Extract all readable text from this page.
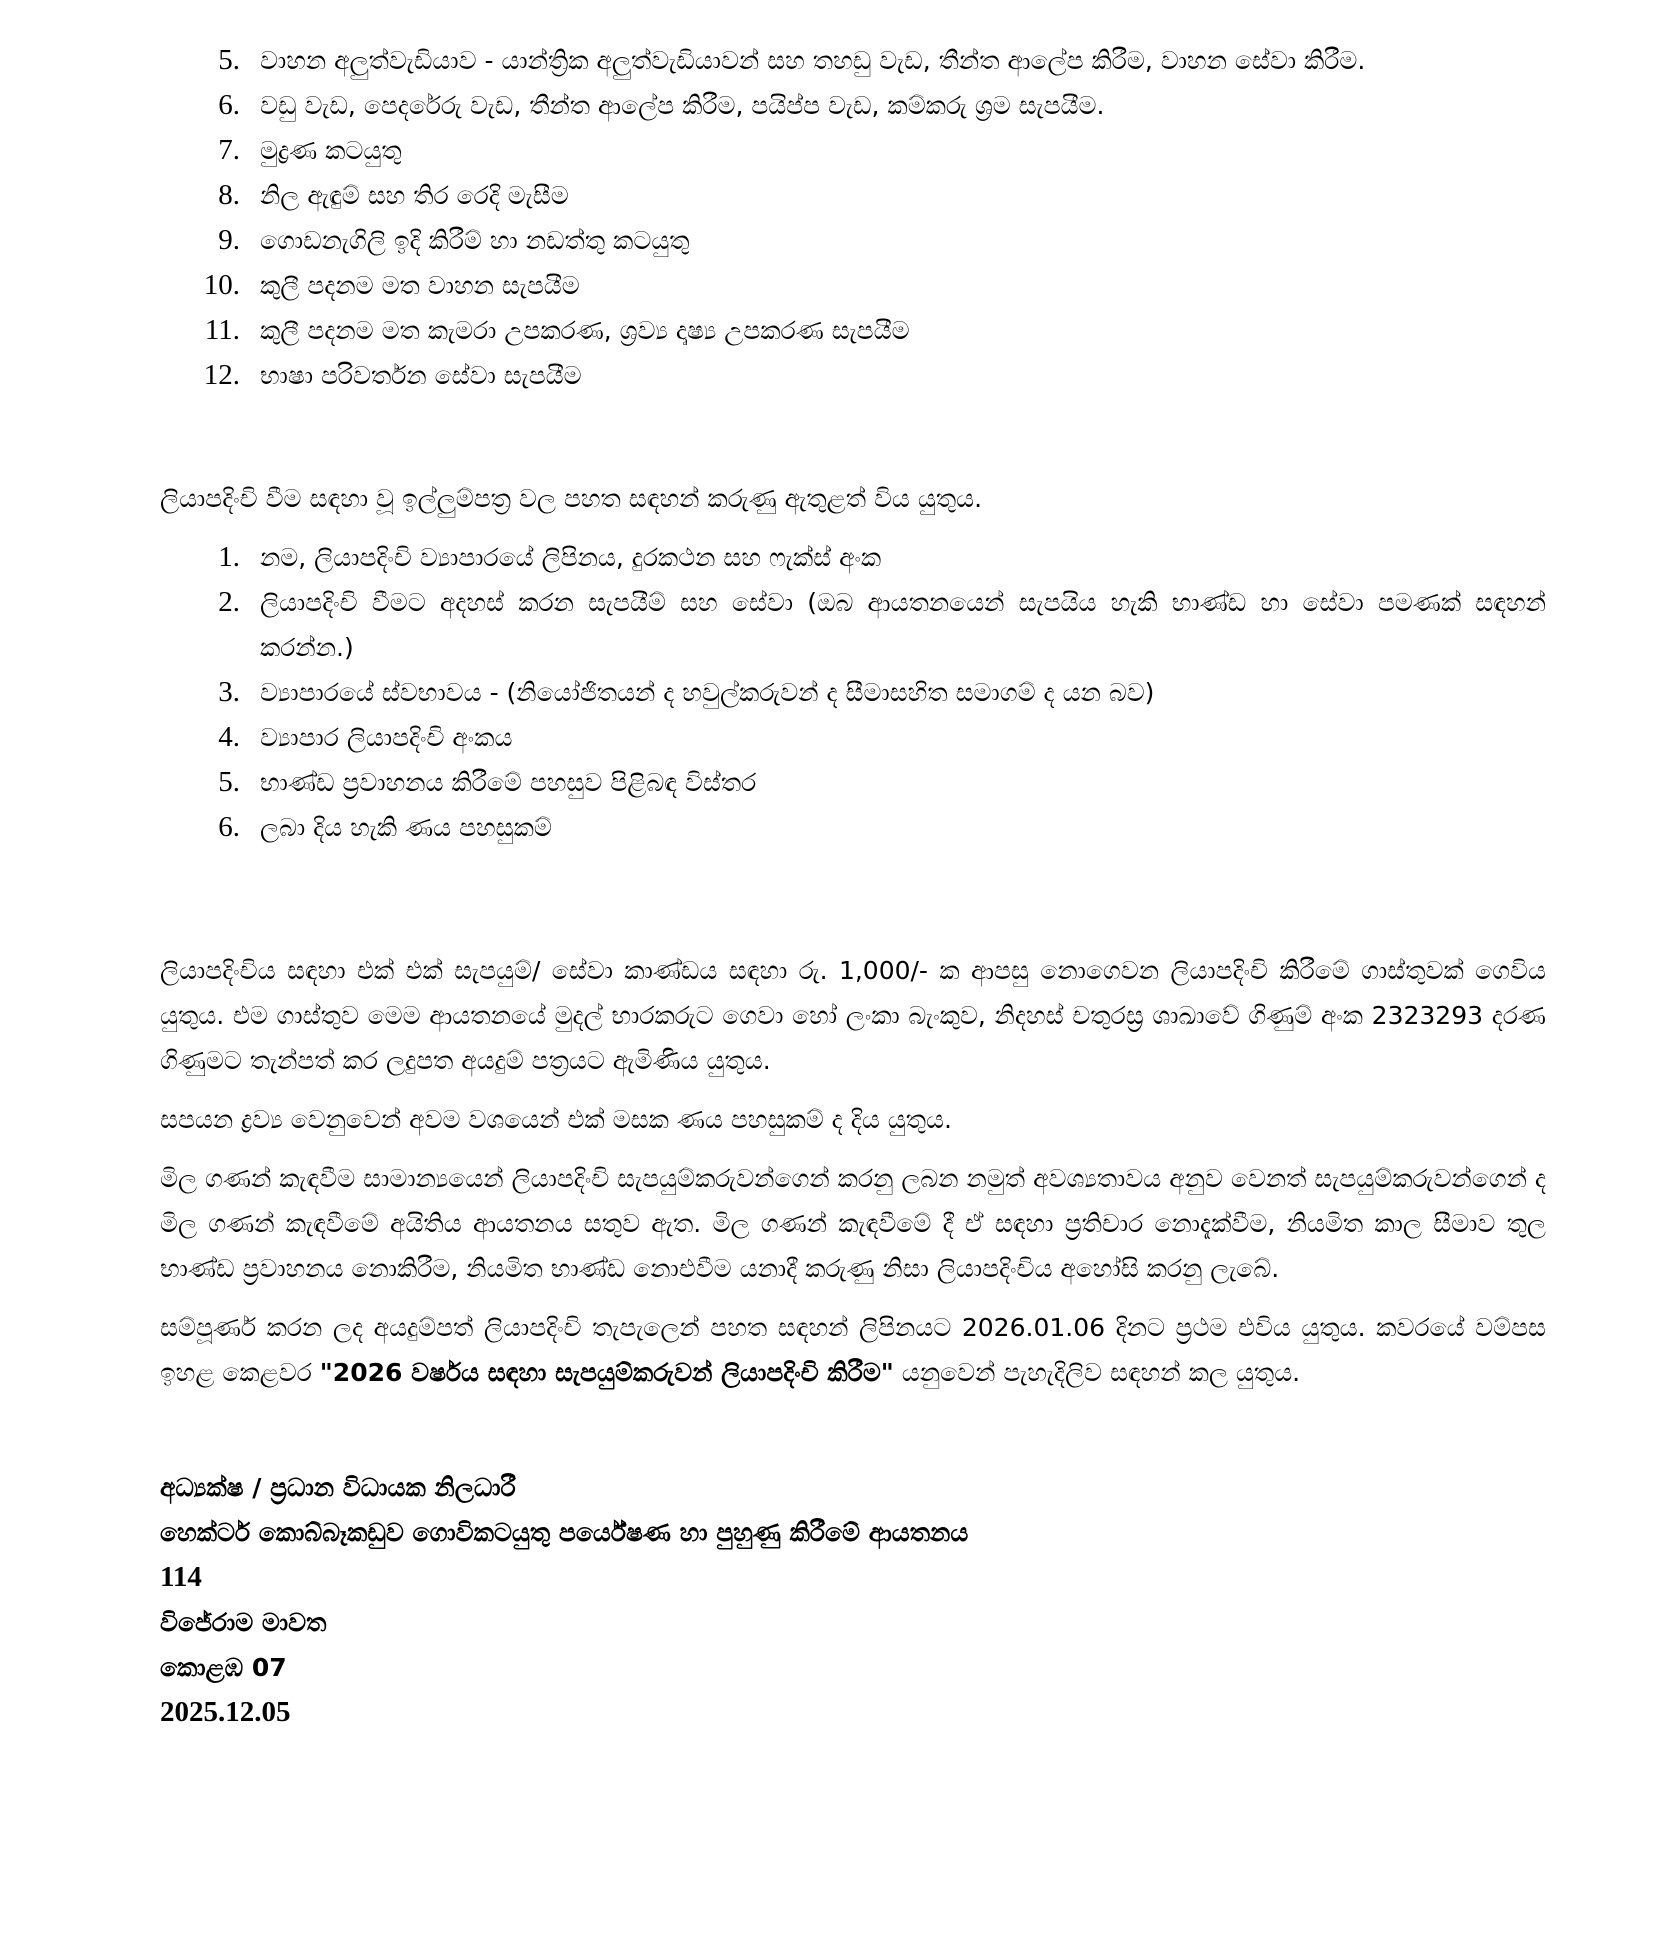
5. වාහන අලුත්වැඩියාව - යාන්ත්‍රික අලුත්වැඩියාවන් සහ තහඩු වැඩ, තීන්ත ආලේප කිරීම, වාහන සේවා කිරීම.
6. වඩු වැඩ, පෙදරේරු වැඩ, තීන්ත ආලේප කිරීම, පයිප්ප වැඩ, කම්කරු ශ්‍රම සැපයීම.
7. මුද්‍රණ කටයුතු
8. නිල ඇඳුම් සහ තිර රෙදි මැසීම
9. ගොඩනැගිලි ඉදි කිරීම් හා නඩත්තු කටයුතු
10. කුලී පදනම මත වාහන සැපයීම
11. කුලී පදනම මත කැමරා උපකරණ, ශ්‍රව්‍ය දෘෂ්‍ය උපකරණ සැපයීම
12. භාෂා පරිවර්තන සේවා සැපයීම

ලියාපදිංචි වීම සඳහා වූ ඉල්ලුම්පත්‍ර වල පහත සඳහන් කරුණු ඇතුළත් විය යුතුය.

1. නම, ලියාපදිංචි ව්‍යාපාරයේ ලිපිනය, දුරකථන සහ ෆැක්ස් අංක
2. ලියාපදිංචි වීමට අදහස් කරන සැපයීම් සහ සේවා (ඔබ ආයතනයෙන් සැපයිය හැකි භාණ්ඩ හා සේවා පමණක් සඳහන් කරන්න.)
3. ව්‍යාපාරයේ ස්වභාවය - (නියෝජිතයන් ද හවුල්කරුවන් ද සීමාසහිත සමාගම් ද යන බව)
4. ව්‍යාපාර ලියාපදිංචි අංකය
5. භාණ්ඩ ප්‍රවාහනය කිරීමේ පහසුව පිළිබඳ විස්තර
6. ලබා දිය හැකි ණය පහසුකම්

ලියාපදිංචිය සඳහා එක් එක් සැපයුම්/ සේවා කාණ්ඩය සඳහා රු. 1,000/- ක ආපසු නොගෙවන ලියාපදිංචි කිරීමේ ගාස්තුවක් ගෙවිය යුතුය. එම ගාස්තුව මෙම ආයතනයේ මුදල් භාරකරුට ගෙවා හෝ ලංකා බැංකුව, නිදහස් චතුරස්‍ර ශාඛාවේ ගිණුම් අංක 2323293 දරණ ගිණුමට තැන්පත් කර ලදුපත අයදුම් පත්‍රයට ඇමිණිය යුතුය.

සපයන ද්‍රව්‍ය වෙනුවෙන් අවම වශයෙන් එක් මසක ණය පහසුකම් ද දිය යුතුය.

මිල ගණන් කැඳවීම සාමාන්‍යයෙන් ලියාපදිංචි සැපයුම්කරුවන්ගෙන් කරනු ලබන නමුත් අවශ්‍යතාවය අනුව වෙනත් සැපයුම්කරුවන්ගෙන් ද මිල ගණන් කැඳවීමේ අයිතිය ආයතනය සතුව ඇත. මිල ගණන් කැඳවීමේ දී ඒ සඳහා ප්‍රතිචාර නොදැක්වීම, නියමිත කාල සීමාව තුල භාණ්ඩ ප්‍රවාහනය නොකිරීම, නියමිත භාණ්ඩ නොඑවීම යනාදී කරුණු නිසා ලියාපදිංචිය අහෝසි කරනු ලැබේ.

සම්පූර්ණ කරන ලද අයදුම්පත් ලියාපදිංචි තැපැලෙන් පහත සඳහන් ලිපිනයට 2026.01.06 දිනට ප්‍රථම එවිය යුතුය. කවරයේ වම්පස ඉහළ කෙළවර "2026 වර්ෂය සඳහා සැපයුම්කරුවන් ලියාපදිංචි කිරීම" යනුවෙන් පැහැදිලිව සඳහන් කල යුතුය.

අධ්‍යක්ෂ / ප්‍රධාන විධායක නිලධාරී
හෙක්ටර් කොබ්බෑකඩුව ගොවිකටයුතු පර්යේෂණ හා පුහුණු කිරීමේ ආයතනය
114
විජේරාම මාවත
කොළඹ 07
2025.12.05
